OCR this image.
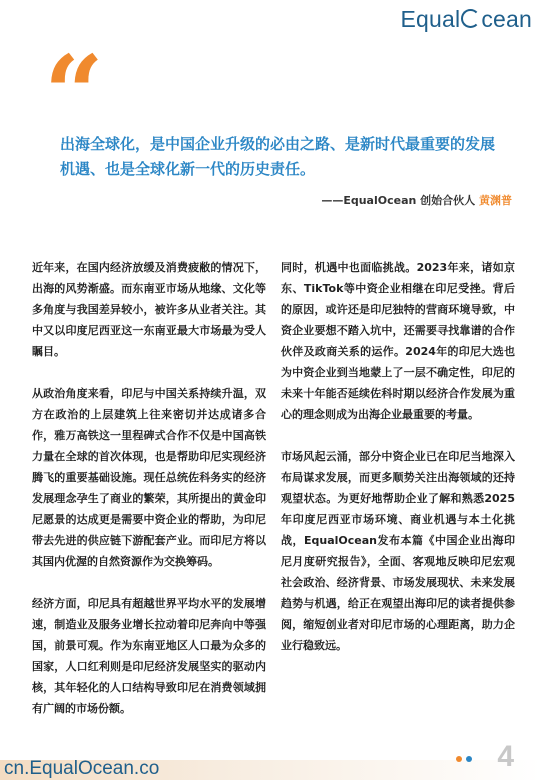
Equal cean
“
出海全球化，是中国企业升级的必由之路、是新时代最重要的发展机遇、也是全球化新一代的历史责任。
——EqualOcean 创始合伙人 黄渊普

近年来，在国内经济放缓及消费疲敝的情况下，出海的风势渐盛。而东南亚市场从地缘、文化等多角度与我国差异较小，被许多从业者关注。其中又以印度尼西亚这一东南亚最大市场最为受人瞩目。

从政治角度来看，印尼与中国关系持续升温，双方在政治的上层建筑上往来密切并达成诸多合作，雅万高铁这一里程碑式合作不仅是中国高铁力量在全球的首次体现，也是帮助印尼实现经济腾飞的重要基础设施。现任总统佐科务实的经济发展理念孕生了商业的繁荣，其所提出的黄金印尼愿景的达成更是需要中资企业的帮助，为印尼带去先进的供应链下游配套产业。而印尼方将以其国内优渥的自然资源作为交换筹码。

经济方面，印尼具有超越世界平均水平的发展增速，制造业及服务业增长拉动着印尼奔向中等强国，前景可观。作为东南亚地区人口最为众多的国家，人口红利则是印尼经济发展坚实的驱动内核，其年轻化的人口结构导致印尼在消费领域拥有广阔的市场份额。

同时，机遇中也面临挑战。2023年来，诸如京东、TikTok等中资企业相继在印尼受挫。背后的原因，或许还是印尼独特的营商环境导致，中资企业要想不踏入坑中，还需要寻找靠谱的合作伙伴及政商关系的运作。2024年的印尼大选也为中资企业到当地蒙上了一层不确定性，印尼的未来十年能否延续佐科时期以经济合作发展为重心的理念则成为出海企业最重要的考量。

市场风起云涌，部分中资企业已在印尼当地深入布局谋求发展，而更多顺势关注出海领域的还持观望状态。为更好地帮助企业了解和熟悉2025年印度尼西亚市场环境、商业机遇与本土化挑战，EqualOcean发布本篇《中国企业出海印尼月度研究报告》，全面、客观地反映印尼宏观社会政治、经济背景、市场发展现状、未来发展趋势与机遇，给正在观望出海印尼的读者提供参阅，缩短创业者对印尼市场的心理距离，助力企业行稳致远。

cn.EqualOcean.co	4
